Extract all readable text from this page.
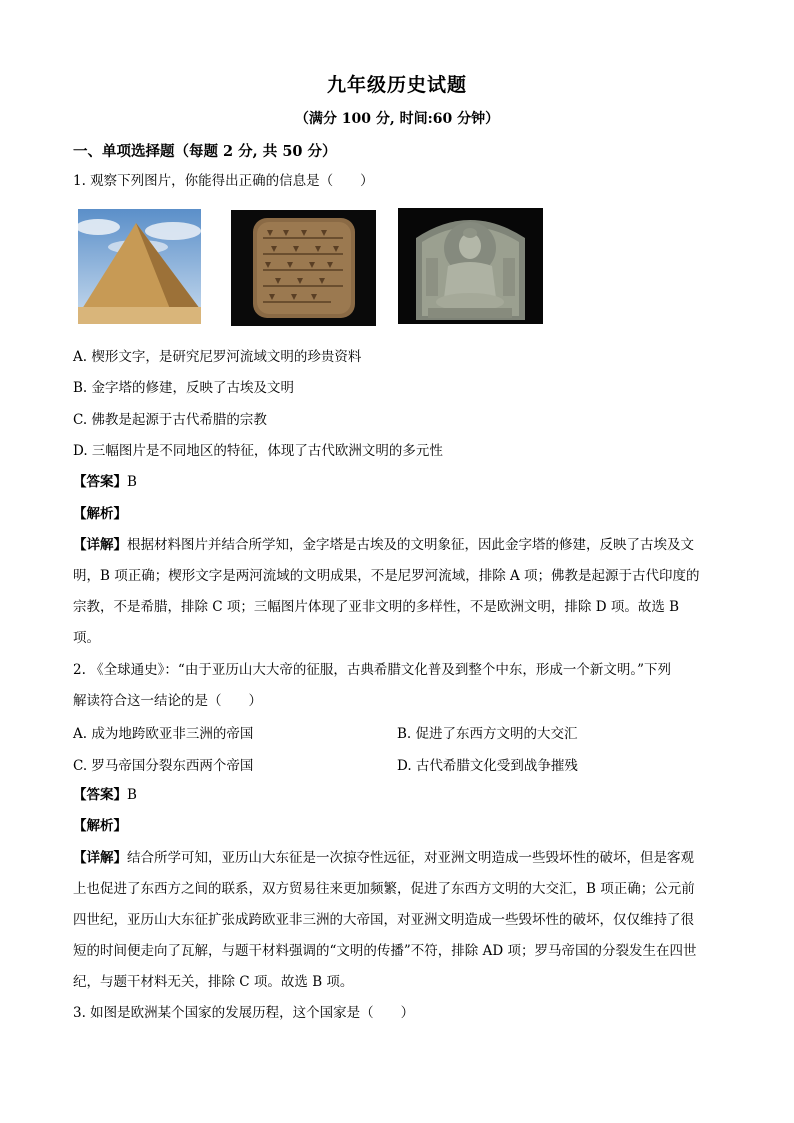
九年级历史试题
（满分 100 分, 时间:60 分钟）
一、单项选择题（每题 2 分, 共 50 分）
1. 观察下列图片，你能得出正确的信息是（　　）
A. 楔形文字，是研究尼罗河流域文明的珍贵资料
B. 金字塔的修建，反映了古埃及文明
C. 佛教是起源于古代希腊的宗教
D. 三幅图片是不同地区的特征，体现了古代欧洲文明的多元性
【答案】B
【解析】
【详解】根据材料图片并结合所学知，金字塔是古埃及的文明象征，因此金字塔的修建，反映了古埃及文
明，B 项正确；楔形文字是两河流域的文明成果，不是尼罗河流域，排除 A 项；佛教是起源于古代印度的
宗教，不是希腊，排除 C 项；三幅图片体现了亚非文明的多样性，不是欧洲文明，排除 D 项。故选 B
项。
2. 《全球通史》：“由于亚历山大大帝的征服，古典希腊文化普及到整个中东，形成一个新文明。”下列
解读符合这一结论的是（　　）
A. 成为地跨欧亚非三洲的帝国	B. 促进了东西方文明的大交汇
C. 罗马帝国分裂东西两个帝国	D. 古代希腊文化受到战争摧残
【答案】B
【解析】
【详解】结合所学可知，亚历山大东征是一次掠夺性远征，对亚洲文明造成一些毁坏性的破坏，但是客观
上也促进了东西方之间的联系，双方贸易往来更加频繁，促进了东西方文明的大交汇，B 项正确；公元前
四世纪，亚历山大东征扩张成跨欧亚非三洲的大帝国，对亚洲文明造成一些毁坏性的破坏，仅仅维持了很
短的时间便走向了瓦解，与题干材料强调的“文明的传播”不符，排除 AD 项；罗马帝国的分裂发生在四世
纪，与题干材料无关，排除 C 项。故选 B 项。
3. 如图是欧洲某个国家的发展历程，这个国家是（　　）
